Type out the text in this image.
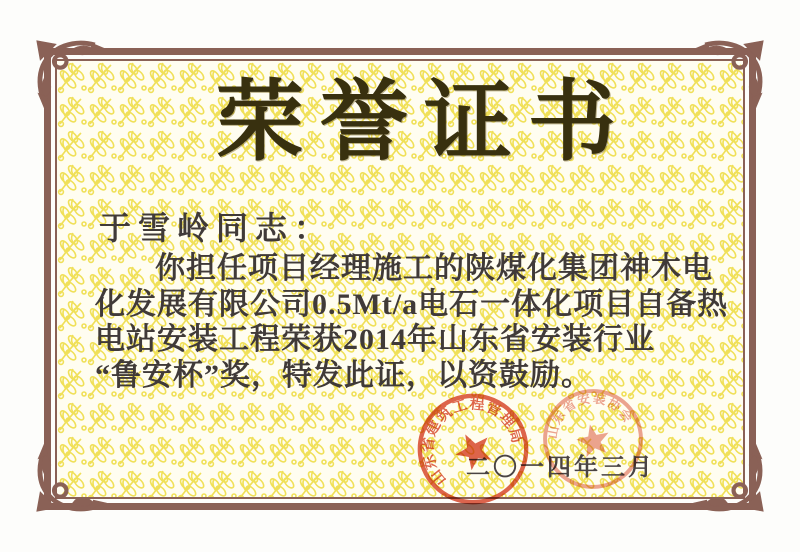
荣誉证书
于雪岭同志：
你担任项目经理施工的陕煤化集团神木电
化发展有限公司0.5Mt/a电石一体化项目自备热
电站安装工程荣获2014年山东省安装行业
“鲁安杯”奖，特发此证，以资鼓励。
二〇一四年三月
山东省建筑工程管理局	山东省安装协会
